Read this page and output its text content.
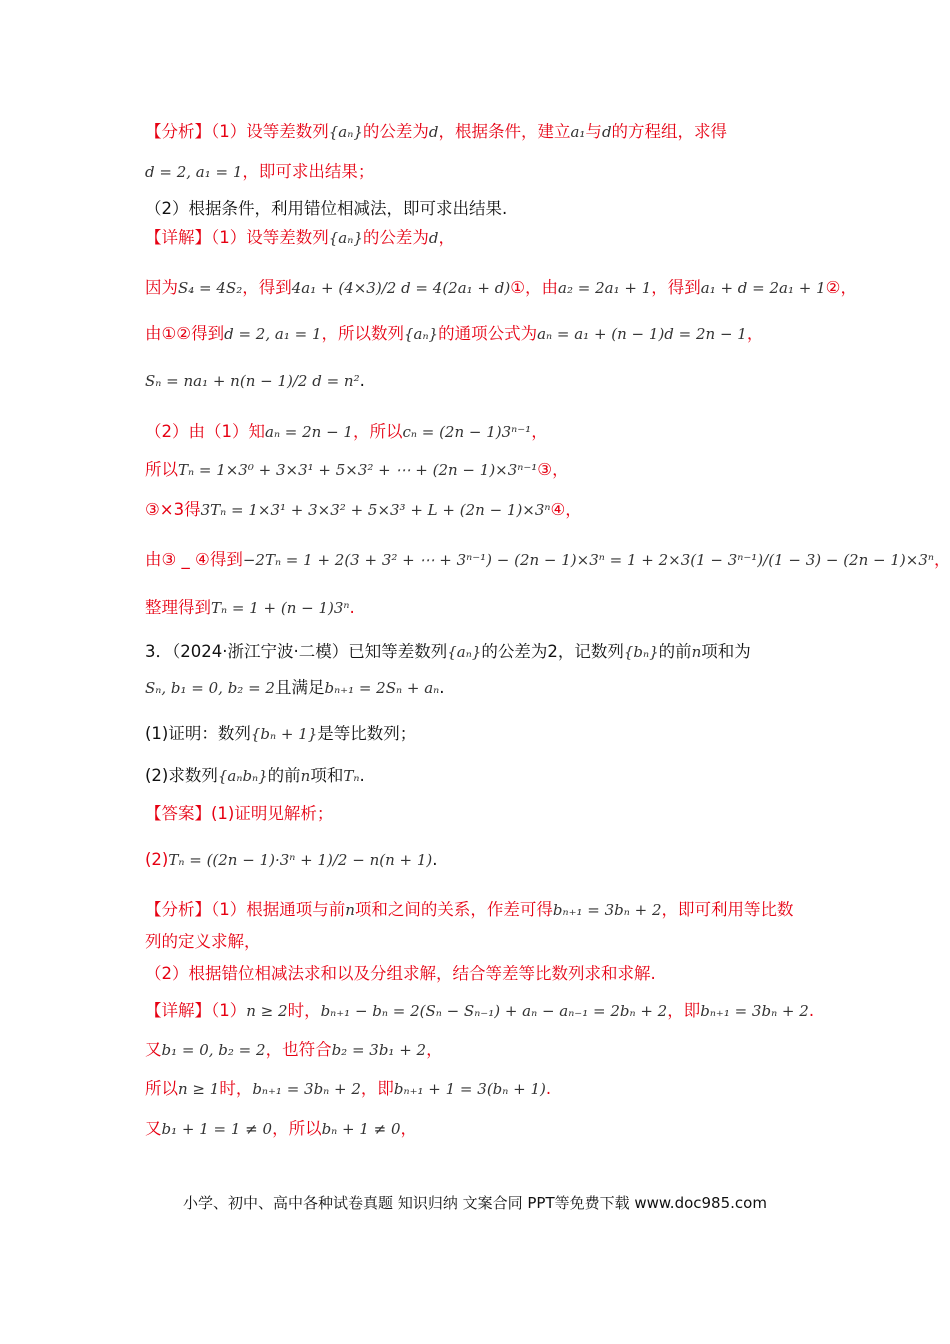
【分析】（1）设等差数列{aₙ}的公差为d，根据条件，建立a₁与d的方程组，求得
d = 2, a₁ = 1，即可求出结果；
（2）根据条件，利用错位相减法，即可求出结果.
【详解】（1）设等差数列{aₙ}的公差为d，
因为S₄ = 4S₂，得到4a₁ + (4×3)/2 d = 4(2a₁ + d)①，由a₂ = 2a₁ + 1，得到a₁ + d = 2a₁ + 1②，
由①②得到d = 2, a₁ = 1，所以数列{aₙ}的通项公式为aₙ = a₁ + (n − 1)d = 2n − 1，
Sₙ = na₁ + n(n − 1)/2 d = n².
（2）由（1）知aₙ = 2n − 1，所以cₙ = (2n − 1)3ⁿ⁻¹，
所以Tₙ = 1×3⁰ + 3×3¹ + 5×3² + ⋯ + (2n − 1)×3ⁿ⁻¹③，
③×3得3Tₙ = 1×3¹ + 3×3² + 5×3³ + L + (2n − 1)×3ⁿ④，
由③ _ ④得到−2Tₙ = 1 + 2(3 + 3² + ⋯ + 3ⁿ⁻¹) − (2n − 1)×3ⁿ = 1 + 2×3(1 − 3ⁿ⁻¹)/(1 − 3) − (2n − 1)×3ⁿ，
整理得到Tₙ = 1 + (n − 1)3ⁿ.
3．（2024·浙江宁波·二模）已知等差数列{aₙ}的公差为2，记数列{bₙ}的前n项和为
Sₙ, b₁ = 0, b₂ = 2且满足bₙ₊₁ = 2Sₙ + aₙ.
(1)证明：数列{bₙ + 1}是等比数列；
(2)求数列{aₙbₙ}的前n项和Tₙ.
【答案】(1)证明见解析；
(2)Tₙ = ((2n − 1)·3ⁿ + 1)/2 − n(n + 1).
【分析】（1）根据通项与前n项和之间的关系，作差可得bₙ₊₁ = 3bₙ + 2，即可利用等比数
列的定义求解，
（2）根据错位相减法求和以及分组求解，结合等差等比数列求和求解.
【详解】（1）n ≥ 2时，bₙ₊₁ − bₙ = 2(Sₙ − Sₙ₋₁) + aₙ − aₙ₋₁ = 2bₙ + 2，即bₙ₊₁ = 3bₙ + 2.
又b₁ = 0, b₂ = 2，也符合b₂ = 3b₁ + 2，
所以n ≥ 1时，bₙ₊₁ = 3bₙ + 2，即bₙ₊₁ + 1 = 3(bₙ + 1).
又b₁ + 1 = 1 ≠ 0，所以bₙ + 1 ≠ 0，
小学、初中、高中各种试卷真题 知识归纳 文案合同 PPT等免费下载 www.doc985.com
